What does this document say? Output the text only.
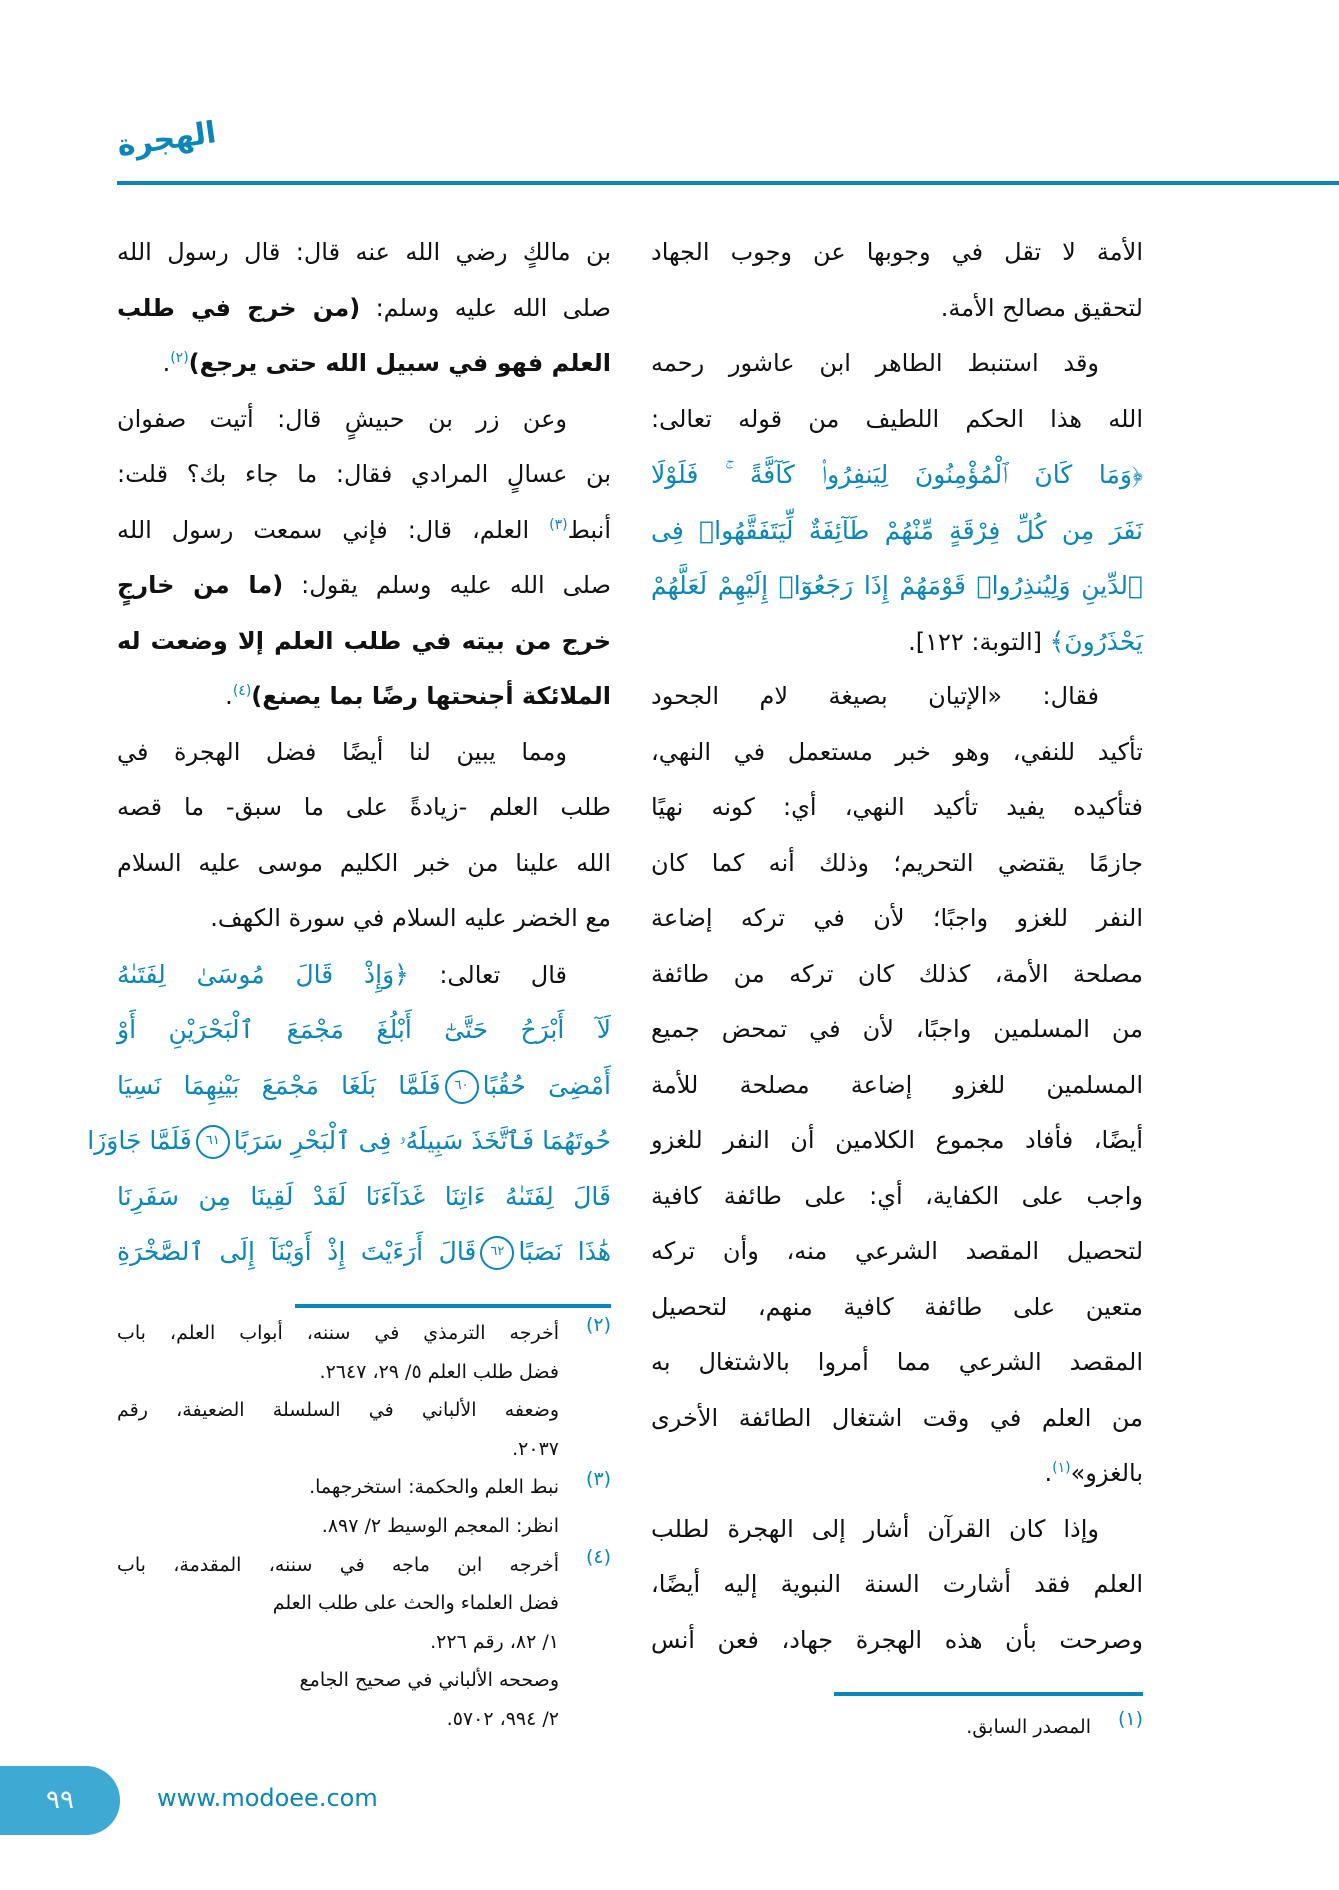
الهجرة
الأمة لا تقل في وجوبها عن وجوب الجهاد
لتحقيق مصالح الأمة.
وقد استنبط الطاهر ابن عاشور رحمه
الله هذا الحكم اللطيف من قوله تعالى:
﴿وَمَا كَانَ ٱلْمُؤْمِنُونَ لِيَنفِرُوا۟ كَآفَّةً ۚ فَلَوْلَا
نَفَرَ مِن كُلِّ فِرْقَةٍ مِّنْهُمْ طَآئِفَةٌ لِّيَتَفَقَّهُوا۟ فِى
ٱلدِّينِ وَلِيُنذِرُوا۟ قَوْمَهُمْ إِذَا رَجَعُوٓا۟ إِلَيْهِمْ لَعَلَّهُمْ
يَحْذَرُونَ﴾ [التوبة: ١٢٢].
فقال: «الإتيان بصيغة لام الجحود
تأكيد للنفي، وهو خبر مستعمل في النهي،
فتأكيده يفيد تأكيد النهي، أي: كونه نهيًا
جازمًا يقتضي التحريم؛ وذلك أنه كما كان
النفر للغزو واجبًا؛ لأن في تركه إضاعة
مصلحة الأمة، كذلك كان تركه من طائفة
من المسلمين واجبًا، لأن في تمحض جميع
المسلمين للغزو إضاعة مصلحة للأمة
أيضًا، فأفاد مجموع الكلامين أن النفر للغزو
واجب على الكفاية، أي: على طائفة كافية
لتحصيل المقصد الشرعي منه، وأن تركه
متعين على طائفة كافية منهم، لتحصيل
المقصد الشرعي مما أمروا بالاشتغال به
من العلم في وقت اشتغال الطائفة الأخرى
بالغزو»$^{(١)}$.
وإذا كان القرآن أشار إلى الهجرة لطلب
العلم فقد أشارت السنة النبوية إليه أيضًا،
وصرحت بأن هذه الهجرة جهاد، فعن أنس
بن مالكٍ رضي الله عنه قال: قال رسول الله
صلى الله عليه وسلم: (من خرج في طلب
العلم فهو في سبيل الله حتى يرجع)$^{(٢)}$.
وعن زر بن حبيشٍ قال: أتيت صفوان
بن عسالٍ المرادي فقال: ما جاء بك؟ قلت:
أنبط$^{(٣)}$ العلم، قال: فإني سمعت رسول الله
صلى الله عليه وسلم يقول: (ما من خارجٍ
خرج من بيته في طلب العلم إلا وضعت له
الملائكة أجنحتها رضًا بما يصنع)$^{(٤)}$.
ومما يبين لنا أيضًا فضل الهجرة في
طلب العلم -زيادةً على ما سبق- ما قصه
الله علينا من خبر الكليم موسى عليه السلام
مع الخضر عليه السلام في سورة الكهف.
قال تعالى: ﴿وَإِذْ قَالَ مُوسَىٰ لِفَتَىٰهُ
لَآ أَبْرَحُ حَتَّىٰٓ أَبْلُغَ مَجْمَعَ ٱلْبَحْرَيْنِ أَوْ
أَمْضِىَ حُقُبًا٦٠فَلَمَّا بَلَغَا مَجْمَعَ بَيْنِهِمَا نَسِيَا
حُوتَهُمَا فَٱتَّخَذَ سَبِيلَهُۥ فِى ٱلْبَحْرِ سَرَبًا٦١فَلَمَّا جَاوَزَا
قَالَ لِفَتَىٰهُ ءَاتِنَا غَدَآءَنَا لَقَدْ لَقِينَا مِن سَفَرِنَا
هَٰذَا نَصَبًا٦٢قَالَ أَرَءَيْتَ إِذْ أَوَيْنَآ إِلَى ٱلصَّخْرَةِ
(١)
المصدر السابق.
(٢)
أخرجه الترمذي في سننه، أبواب العلم، باب
فضل طلب العلم ٥/ ٢٩، ٢٦٤٧.
وضعفه الألباني في السلسلة الضعيفة، رقم
٢٠٣٧.
(٣)
نبط العلم والحكمة: استخرجهما.
انظر: المعجم الوسيط ٢/ ٨٩٧.
(٤)
أخرجه ابن ماجه في سننه، المقدمة، باب
فضل العلماء والحث على طلب العلم
١/ ٨٢، رقم ٢٢٦.
وصححه الألباني في صحيح الجامع
٢/ ٩٩٤، ٥٧٠٢.
٩٩	www.modoee.com
